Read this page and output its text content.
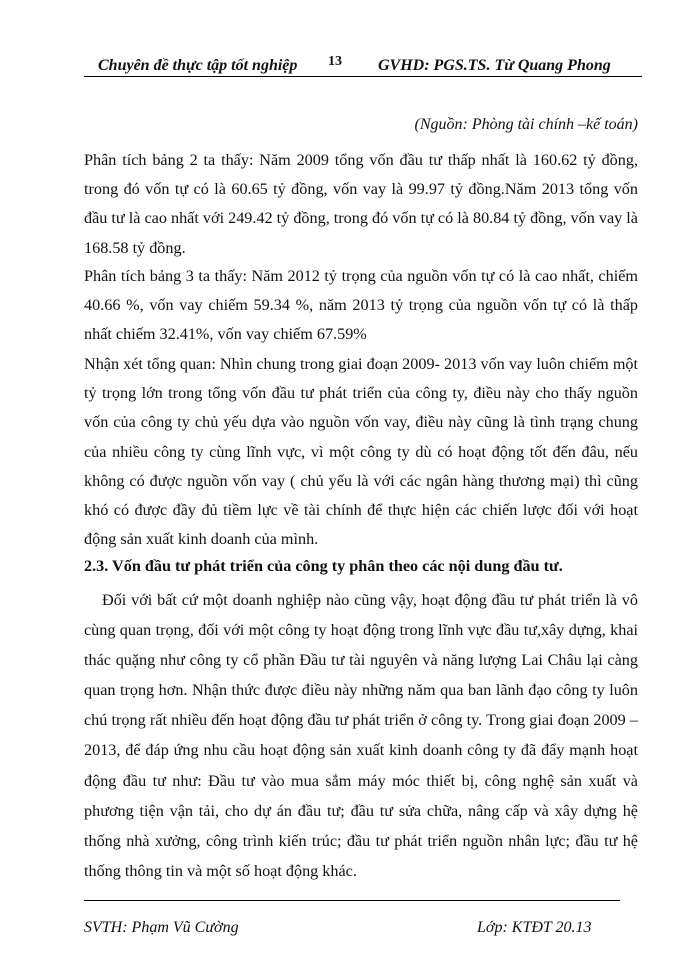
Chuyên đề thực tập tốt nghiệp 13 GVHD: PGS.TS. Từ Quang Phong
(Nguồn: Phòng tài chính –kế toán)

Phân tích bảng 2 ta thấy: Năm 2009 tổng vốn đầu tư thấp nhất là 160.62 tỷ đồng, trong đó vốn tự có là 60.65 tỷ đồng, vốn vay là 99.97 tỷ đồng.Năm 2013 tổng vốn đầu tư là cao nhất với 249.42 tỷ đồng, trong đó vốn tự có là 80.84 tỷ đồng, vốn vay là 168.58 tỷ đồng.

Phân tích bảng 3 ta thấy: Năm 2012 tỷ trọng của nguồn vốn tự có là cao nhất, chiếm 40.66 %, vốn vay chiếm 59.34 %, năm 2013 tỷ trọng của nguồn vốn tự có là thấp nhất chiếm 32.41%, vốn vay chiếm 67.59%

Nhận xét tổng quan: Nhìn chung trong giai đoạn 2009- 2013 vốn vay luôn chiếm một tỷ trọng lớn trong tổng vốn đầu tư phát triển của công ty, điều này cho thấy nguồn vốn của công ty chủ yếu dựa vào nguồn vốn vay, điều này cũng là tình trạng chung của nhiều công ty cùng lĩnh vực, vì một công ty dù có hoạt động tốt đến đâu, nếu không có được nguồn vốn vay ( chủ yếu là với các ngân hàng thương mại) thì cũng khó có được đầy đủ tiềm lực về tài chính để thực hiện các chiến lược đối với hoạt động sản xuất kinh doanh của mình.

2.3. Vốn đầu tư phát triển của công ty phân theo các nội dung đầu tư.

Đối với bất cứ một doanh nghiệp nào cũng vậy, hoạt động đầu tư phát triển là vô cùng quan trọng, đối với một công ty hoạt động trong lĩnh vực đầu tư,xây dựng, khai thác quặng như công ty cổ phần Đầu tư tài nguyên và năng lượng Lai Châu lại càng quan trọng hơn. Nhận thức được điều này những năm qua ban lãnh đạo công ty luôn chú trọng rất nhiều đến hoạt động đầu tư phát triển ở công ty. Trong giai đoạn 2009 – 2013, để đáp ứng nhu cầu hoạt động sản xuất kinh doanh công ty đã đẩy mạnh hoạt động đầu tư như: Đầu tư vào mua sắm máy móc thiết bị, công nghệ sản xuất và phương tiện vận tải, cho dự án đầu tư; đầu tư sửa chữa, nâng cấp và xây dựng hệ thống nhà xưởng, công trình kiến trúc; đầu tư phát triển nguồn nhân lực; đầu tư hệ thống thông tin và một số hoạt động khác.

SVTH: Phạm Vũ Cường	Lớp: KTĐT 20.13
